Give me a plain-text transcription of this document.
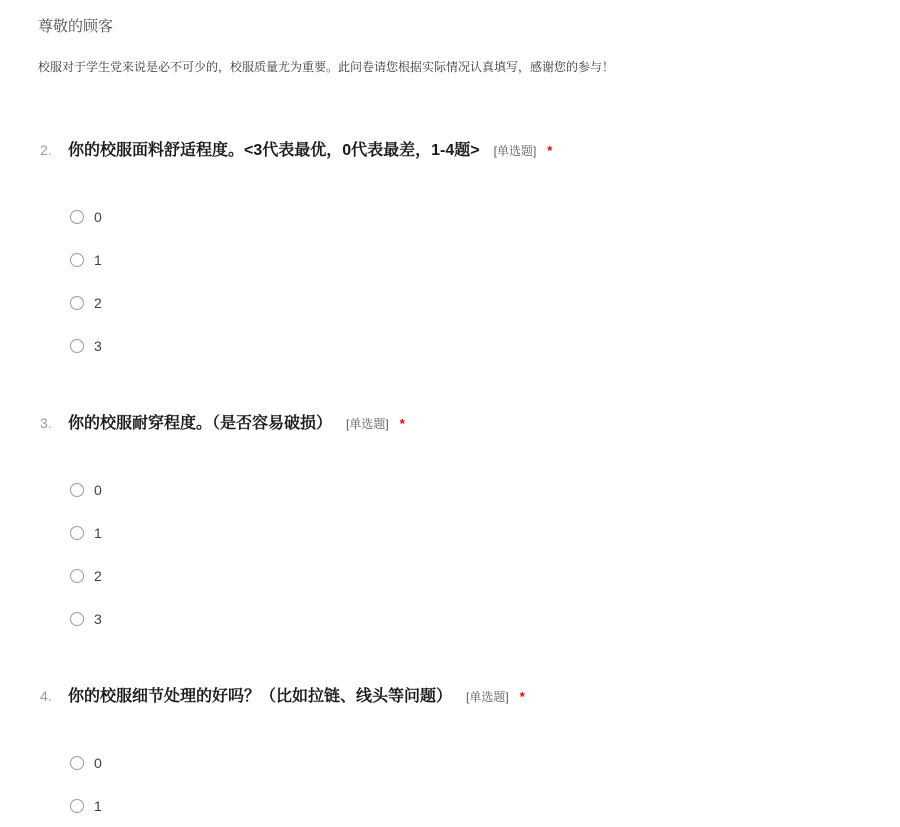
尊敬的顾客
校服对于学生党来说是必不可少的，校服质量尤为重要。此问卷请您根据实际情况认真填写，感谢您的参与！
2.	你的校服面料舒适程度。<3代表最优，0代表最差，1-4题> [单选题] *
0
1
2
3
3.	你的校服耐穿程度。（是否容易破损） [单选题] *
0
1
2
3
4.	你的校服细节处理的好吗？（比如拉链、线头等问题） [单选题] *
0
1
